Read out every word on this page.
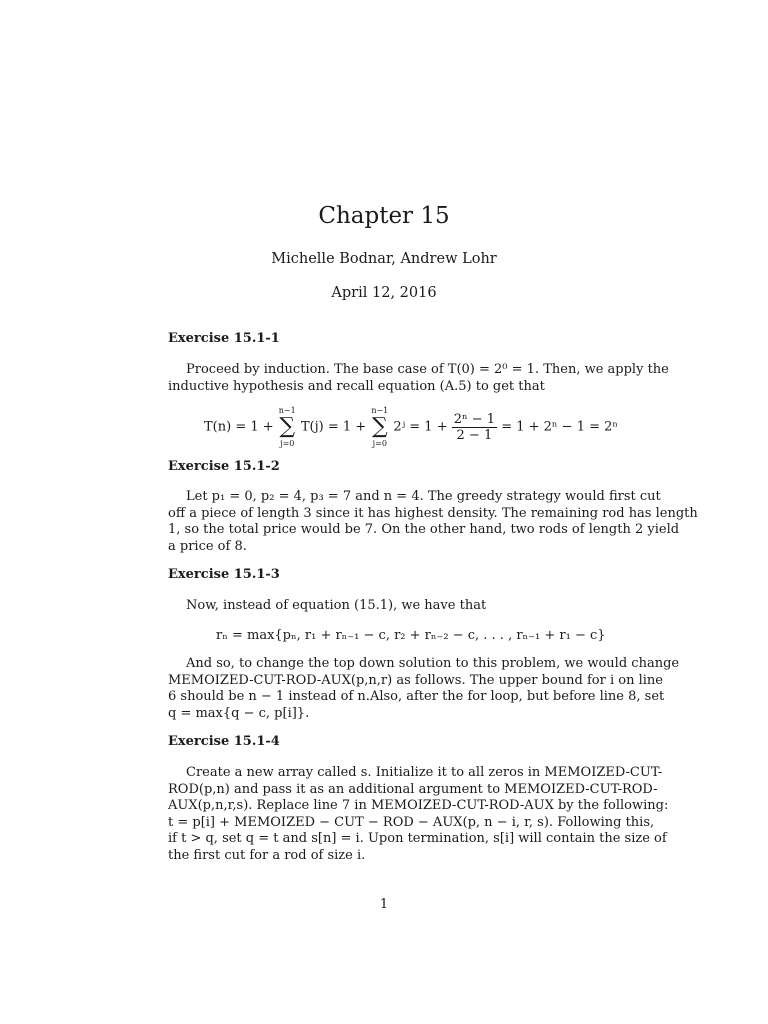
Chapter 15
Michelle Bodnar, Andrew Lohr
April 12, 2016
Exercise 15.1-1
Proceed by induction. The base case of T(0) = 2⁰ = 1. Then, we apply the
inductive hypothesis and recall equation (A.5) to get that
T(n) = 1 +
n−1
∑
j=0
T(j) = 1 +
n−1
∑
j=0
2ʲ = $1 + \frac{\text{2ⁿ − 1}}{2 - 1} = 1 + 2^n - 1 = 2^n$
Exercise 15.1-2
Let p₁ = 0, p₂ = 4, p₃ = 7 and n = 4. The greedy strategy would first cut
off a piece of length 3 since it has highest density. The remaining rod has length
1, so the total price would be 7. On the other hand, two rods of length 2 yield
a price of 8.
Exercise 15.1-3
Now, instead of equation (15.1), we have that
rₙ = max{pₙ, r₁ + rₙ₋₁ − c, r₂ + rₙ₋₂ − c, . . . , rₙ₋₁ + r₁ − c}
And so, to change the top down solution to this problem, we would change
MEMOIZED-CUT-ROD-AUX(p,n,r) as follows. The upper bound for i on line
6 should be n − 1 instead of n.Also, after the for loop, but before line 8, set
q = max{q − c, p[i]}.
Exercise 15.1-4
Create a new array called s. Initialize it to all zeros in MEMOIZED-CUT-
ROD(p,n) and pass it as an additional argument to MEMOIZED-CUT-ROD-
AUX(p,n,r,s). Replace line 7 in MEMOIZED-CUT-ROD-AUX by the following:
t = p[i] + MEMOIZED − CUT − ROD − AUX(p, n − i, r, s). Following this,
if t > q, set q = t and s[n] = i. Upon termination, s[i] will contain the size of
the first cut for a rod of size i.
1
